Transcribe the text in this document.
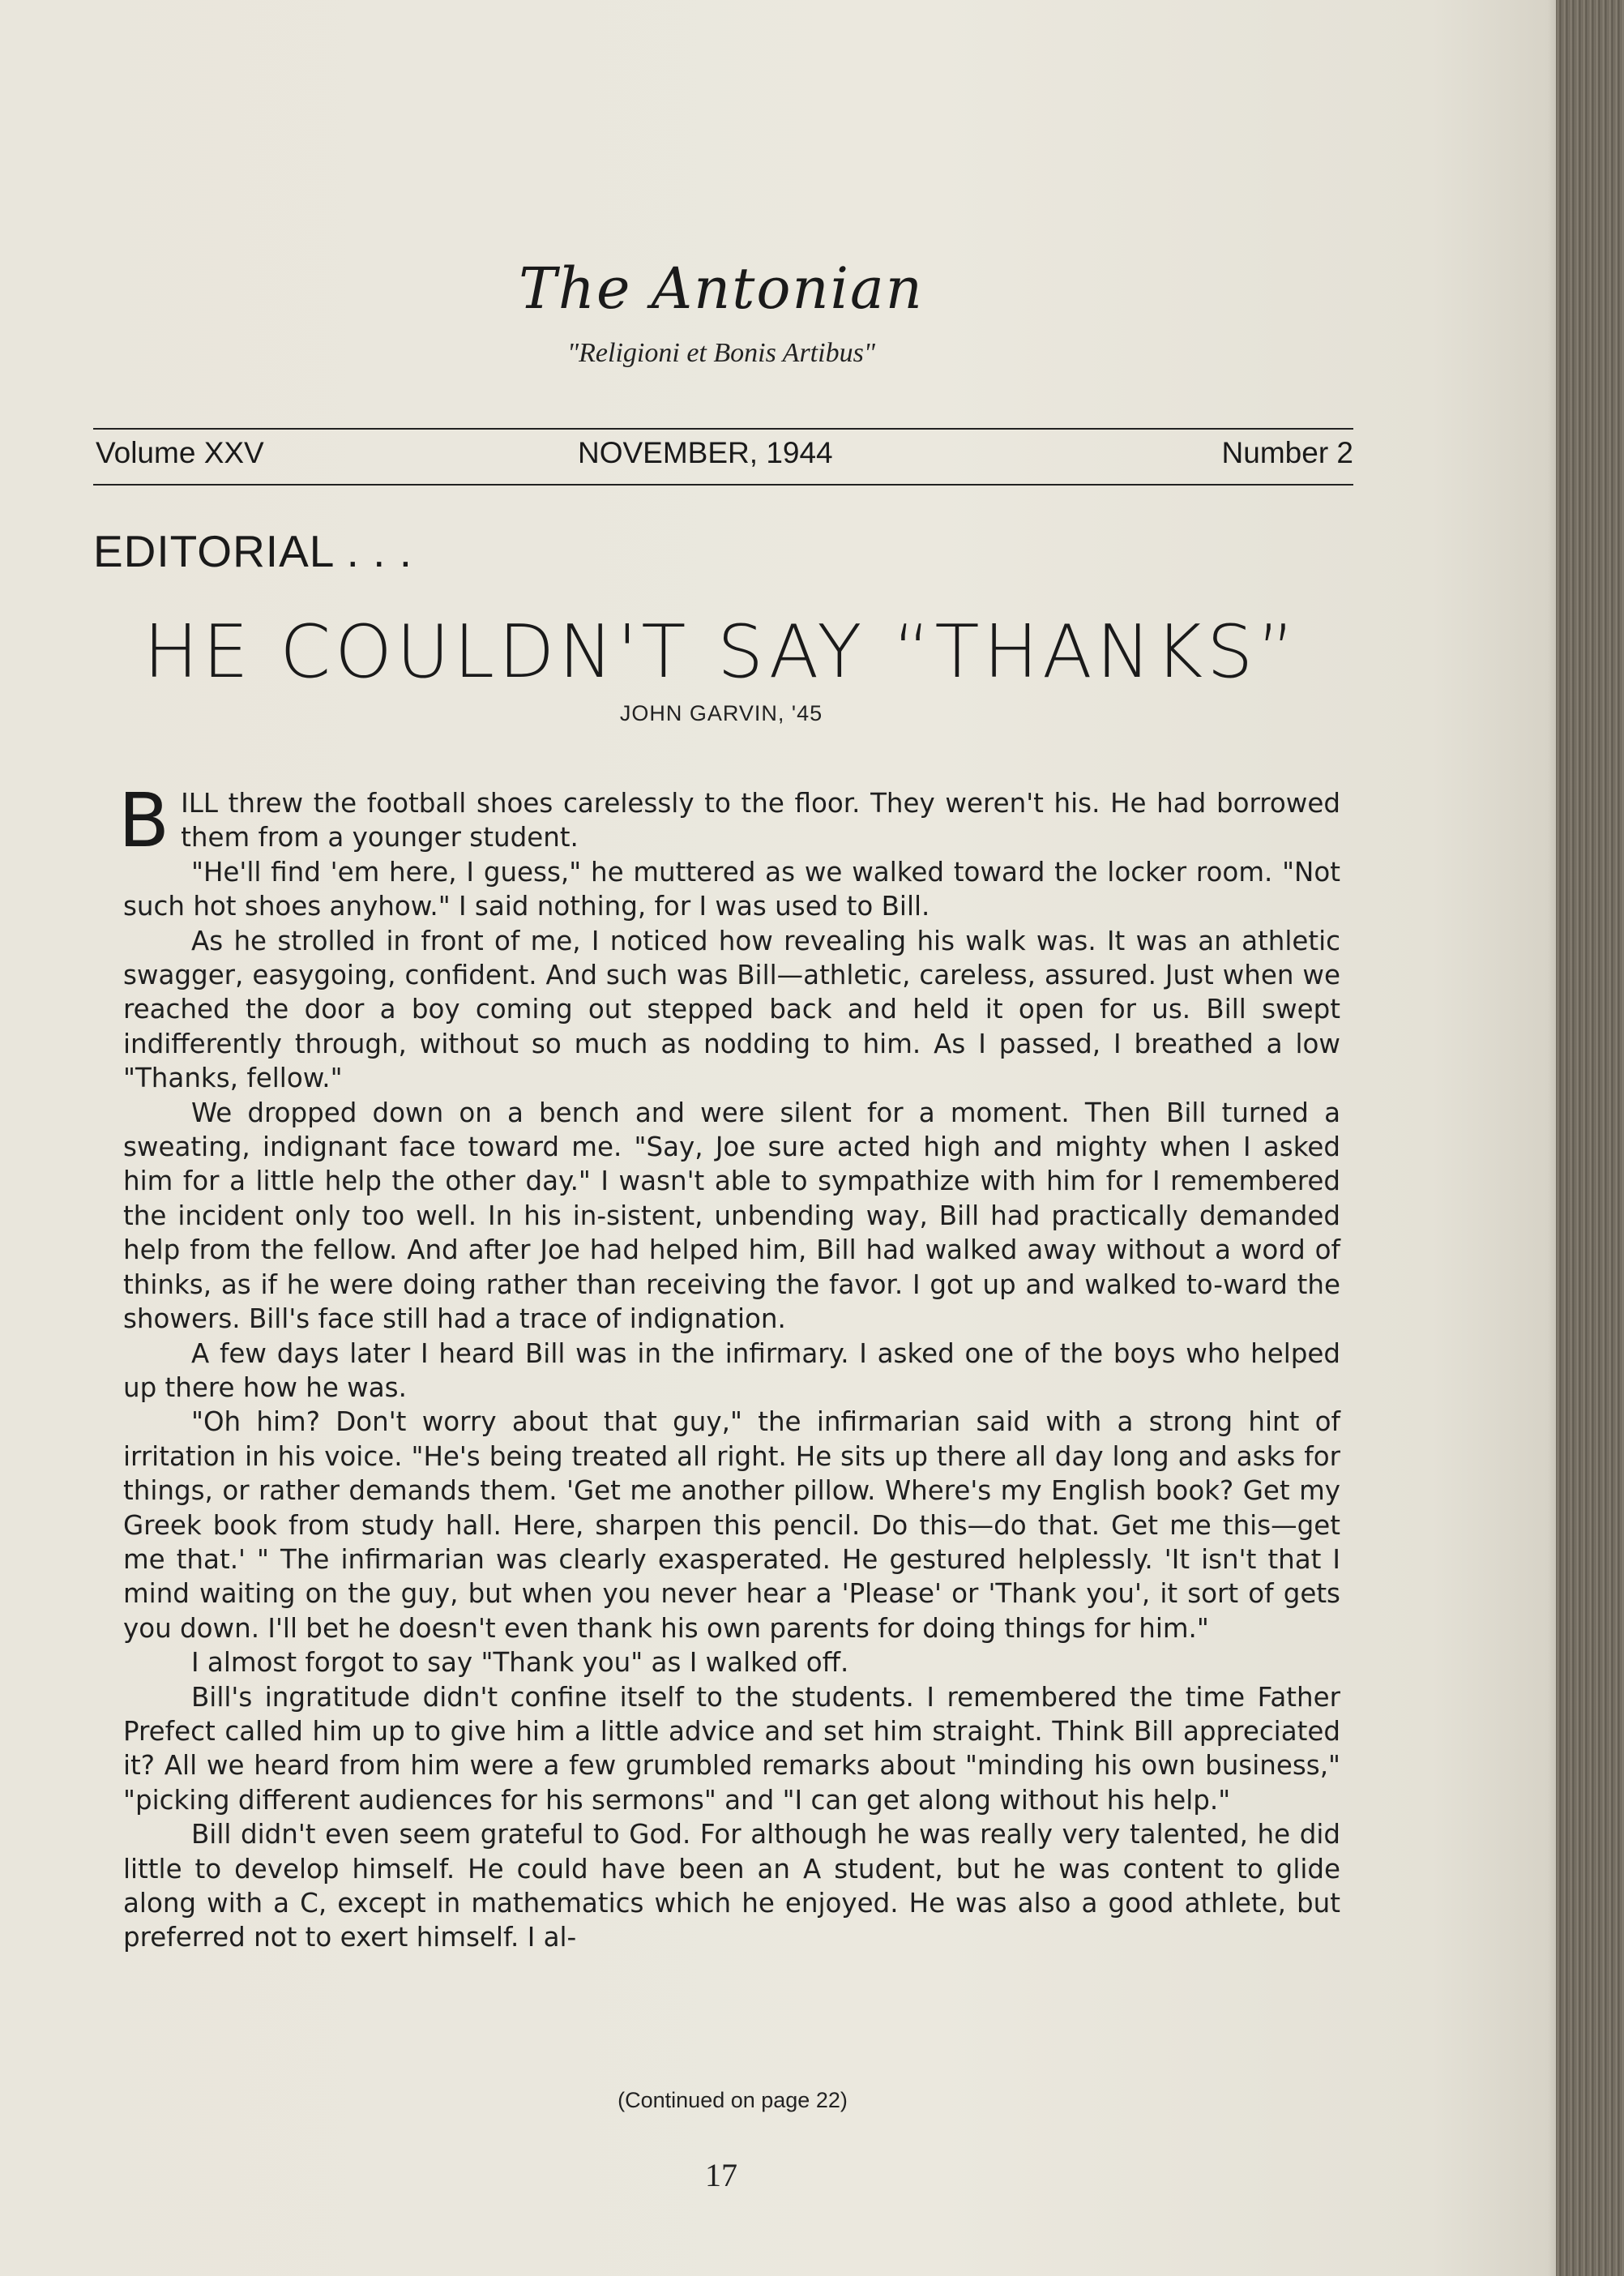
The Antonian
"Religioni et Bonis Artibus"
Volume XXV	NOVEMBER, 1944	Number 2
EDITORIAL . . .
HE COULDN'T SAY “THANKS”
JOHN GARVIN, '45

BILL threw the football shoes carelessly to the floor. They weren't his. He had borrowed them from a younger student.

"He'll find 'em here, I guess," he muttered as we walked toward the locker room. "Not such hot shoes anyhow." I said nothing, for I was used to Bill.

As he strolled in front of me, I noticed how revealing his walk was. It was an athletic swagger, easygoing, confident. And such was Bill—athletic, careless, assured. Just when we reached the door a boy coming out stepped back and held it open for us. Bill swept indifferently through, without so much as nodding to him. As I passed, I breathed a low "Thanks, fellow."

We dropped down on a bench and were silent for a moment. Then Bill turned a sweating, indignant face toward me. "Say, Joe sure acted high and mighty when I asked him for a little help the other day." I wasn't able to sympathize with him for I remembered the incident only too well. In his in-sistent, unbending way, Bill had practically demanded help from the fellow. And after Joe had helped him, Bill had walked away without a word of thinks, as if he were doing rather than receiving the favor. I got up and walked to-ward the showers. Bill's face still had a trace of indignation.

A few days later I heard Bill was in the infirmary. I asked one of the boys who helped up there how he was.

"Oh him? Don't worry about that guy," the infirmarian said with a strong hint of irritation in his voice. "He's being treated all right. He sits up there all day long and asks for things, or rather demands them. 'Get me another pillow. Where's my English book? Get my Greek book from study hall. Here, sharpen this pencil. Do this—do that. Get me this—get me that.' " The infirmarian was clearly exasperated. He gestured helplessly. 'It isn't that I mind waiting on the guy, but when you never hear a 'Please' or 'Thank you', it sort of gets you down. I'll bet he doesn't even thank his own parents for doing things for him."

I almost forgot to say "Thank you" as I walked off.

Bill's ingratitude didn't confine itself to the students. I remembered the time Father Prefect called him up to give him a little advice and set him straight. Think Bill appreciated it? All we heard from him were a few grumbled remarks about "minding his own business," "picking different audiences for his sermons" and "I can get along without his help."

Bill didn't even seem grateful to God. For although he was really very talented, he did little to develop himself. He could have been an A student, but he was content to glide along with a C, except in mathematics which he enjoyed. He was also a good athlete, but preferred not to exert himself. I al-

(Continued on page 22)
17
